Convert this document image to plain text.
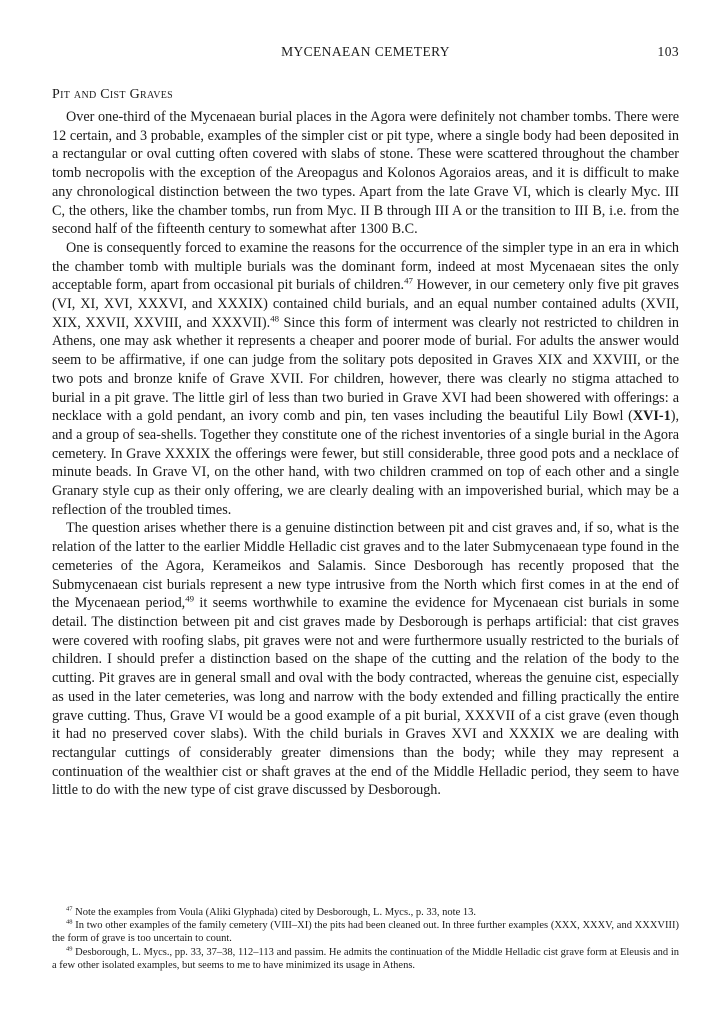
MYCENAEAN CEMETERY	103
Pit and Cist Graves

Over one-third of the Mycenaean burial places in the Agora were definitely not chamber tombs. There were 12 certain, and 3 probable, examples of the simpler cist or pit type, where a single body had been deposited in a rectangular or oval cutting often covered with slabs of stone. These were scattered throughout the chamber tomb necropolis with the exception of the Areopagus and Kolonos Agoraios areas, and it is difficult to make any chronological distinction between the two types. Apart from the late Grave VI, which is clearly Myc. III C, the others, like the chamber tombs, run from Myc. II B through III A or the transition to III B, i.e. from the second half of the fifteenth century to somewhat after 1300 B.C.

One is consequently forced to examine the reasons for the occurrence of the simpler type in an era in which the chamber tomb with multiple burials was the dominant form, indeed at most Mycenaean sites the only acceptable form, apart from occasional pit burials of children.$^{47}$ However, in our cemetery only five pit graves (VI, XI, XVI, XXXVI, and XXXIX) contained child burials, and an equal number contained adults (XVII, XIX, XXVII, XXVIII, and XXXVII).$^{48}$ Since this form of interment was clearly not restricted to children in Athens, one may ask whether it represents a cheaper and poorer mode of burial. For adults the answer would seem to be affirmative, if one can judge from the solitary pots deposited in Graves XIX and XXVIII, or the two pots and bronze knife of Grave XVII. For children, however, there was clearly no stigma attached to burial in a pit grave. The little girl of less than two buried in Grave XVI had been showered with offerings: a necklace with a gold pendant, an ivory comb and pin, ten vases including the beautiful Lily Bowl (XVI-1), and a group of sea-shells. Together they constitute one of the richest inventories of a single burial in the Agora cemetery. In Grave XXXIX the offerings were fewer, but still considerable, three good pots and a necklace of minute beads. In Grave VI, on the other hand, with two children crammed on top of each other and a single Granary style cup as their only offering, we are clearly dealing with an impoverished burial, which may be a reflection of the troubled times.

The question arises whether there is a genuine distinction between pit and cist graves and, if so, what is the relation of the latter to the earlier Middle Helladic cist graves and to the later Submycenaean type found in the cemeteries of the Agora, Kerameikos and Salamis. Since Desborough has recently proposed that the Submycenaean cist burials represent a new type intrusive from the North which first comes in at the end of the Mycenaean period,$^{49}$ it seems worthwhile to examine the evidence for Mycenaean cist burials in some detail. The distinction between pit and cist graves made by Desborough is perhaps artificial: that cist graves were covered with roofing slabs, pit graves were not and were furthermore usually restricted to the burials of children. I should prefer a distinction based on the shape of the cutting and the relation of the body to the cutting. Pit graves are in general small and oval with the body contracted, whereas the genuine cist, especially as used in the later cemeteries, was long and narrow with the body extended and filling practically the entire grave cutting. Thus, Grave VI would be a good example of a pit burial, XXXVII of a cist grave (even though it had no preserved cover slabs). With the child burials in Graves XVI and XXXIX we are dealing with rectangular cuttings of considerably greater dimensions than the body; while they may represent a continuation of the wealthier cist or shaft graves at the end of the Middle Helladic period, they seem to have little to do with the new type of cist grave discussed by Desborough.

$^{47}$ Note the examples from Voula (Aliki Glyphada) cited by Desborough, L. Mycs., p. 33, note 13.

$^{48}$ In two other examples of the family cemetery (VIII–XI) the pits had been cleaned out. In three further examples (XXX, XXXV, and XXXVIII) the form of grave is too uncertain to count.

$^{49}$ Desborough, L. Mycs., pp. 33, 37–38, 112–113 and passim. He admits the continuation of the Middle Helladic cist grave form at Eleusis and in a few other isolated examples, but seems to me to have minimized its usage in Athens.
